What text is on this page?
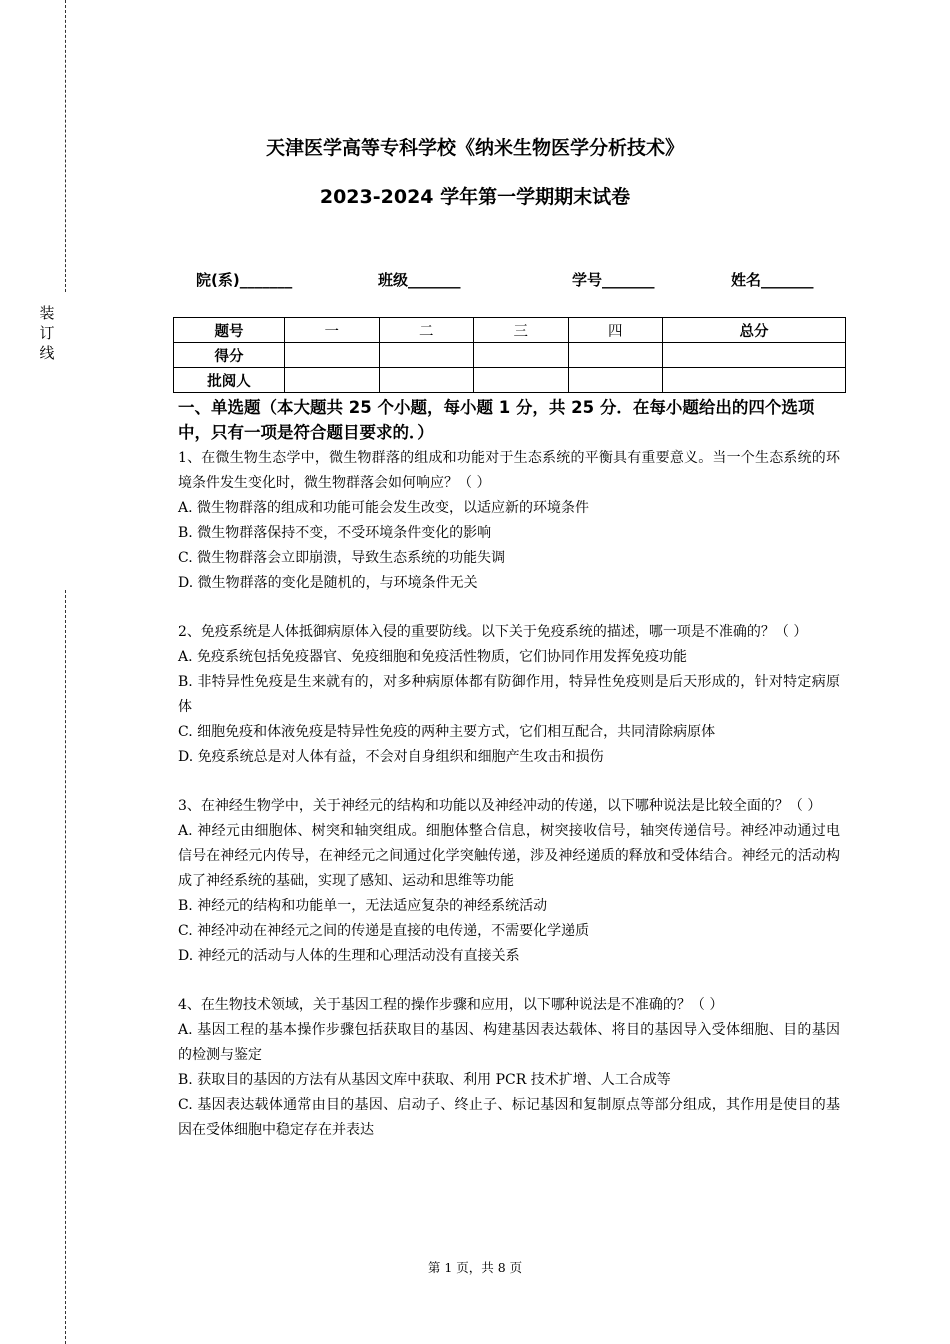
装
订
线
天津医学高等专科学校《纳米生物医学分析技术》
2023-2024 学年第一学期期末试卷
院(系)_______	班级_______	学号_______	姓名_______
题号	一	二	三	四	总分
得分					
批阅人					

一、单选题（本大题共 25 个小题，每小题 1 分，共 25 分．在每小题给出的四个选项中，只有一项是符合题目要求的．）

1、在微生物生态学中，微生物群落的组成和功能对于生态系统的平衡具有重要意义。当一个生态系统的环境条件发生变化时，微生物群落会如何响应？（ ）

A. 微生物群落的组成和功能可能会发生改变，以适应新的环境条件

B. 微生物群落保持不变，不受环境条件变化的影响

C. 微生物群落会立即崩溃，导致生态系统的功能失调

D. 微生物群落的变化是随机的，与环境条件无关

2、免疫系统是人体抵御病原体入侵的重要防线。以下关于免疫系统的描述，哪一项是不准确的？（ ）

A. 免疫系统包括免疫器官、免疫细胞和免疫活性物质，它们协同作用发挥免疫功能

B. 非特异性免疫是生来就有的，对多种病原体都有防御作用，特异性免疫则是后天形成的，针对特定病原体

C. 细胞免疫和体液免疫是特异性免疫的两种主要方式，它们相互配合，共同清除病原体

D. 免疫系统总是对人体有益，不会对自身组织和细胞产生攻击和损伤

3、在神经生物学中，关于神经元的结构和功能以及神经冲动的传递，以下哪种说法是比较全面的？（ ）

A. 神经元由细胞体、树突和轴突组成。细胞体整合信息，树突接收信号，轴突传递信号。神经冲动通过电信号在神经元内传导，在神经元之间通过化学突触传递，涉及神经递质的释放和受体结合。神经元的活动构成了神经系统的基础，实现了感知、运动和思维等功能

B. 神经元的结构和功能单一，无法适应复杂的神经系统活动

C. 神经冲动在神经元之间的传递是直接的电传递，不需要化学递质

D. 神经元的活动与人体的生理和心理活动没有直接关系

4、在生物技术领域，关于基因工程的操作步骤和应用，以下哪种说法是不准确的？（ ）

A. 基因工程的基本操作步骤包括获取目的基因、构建基因表达载体、将目的基因导入受体细胞、目的基因的检测与鉴定

B. 获取目的基因的方法有从基因文库中获取、利用 PCR 技术扩增、人工合成等

C. 基因表达载体通常由目的基因、启动子、终止子、标记基因和复制原点等部分组成，其作用是使目的基因在受体细胞中稳定存在并表达

第 1 页，共 8 页
